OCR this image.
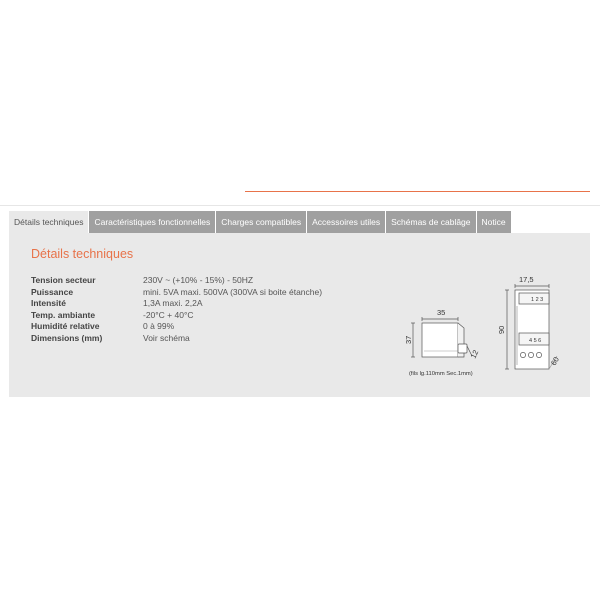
Détails techniques	Caractéristiques fonctionnelles	Charges compatibles	Accessoires utiles	Schémas de cablâge	Notice
Détails techniques
Tension secteur	230V ~ (+10% - 15%) - 50HZ
Puissance	mini. 5VA maxi. 500VA (300VA si boite étanche)
Intensité	1,3A maxi. 2,2A
Temp. ambiante	-20°C + 40°C
Humidité relative	0 à 99%
Dimensions (mm)	Voir schéma
35
37
12
(fils lg.110mm Sec.1mm)
17,5
90
1 2 3
4 5 6
60
